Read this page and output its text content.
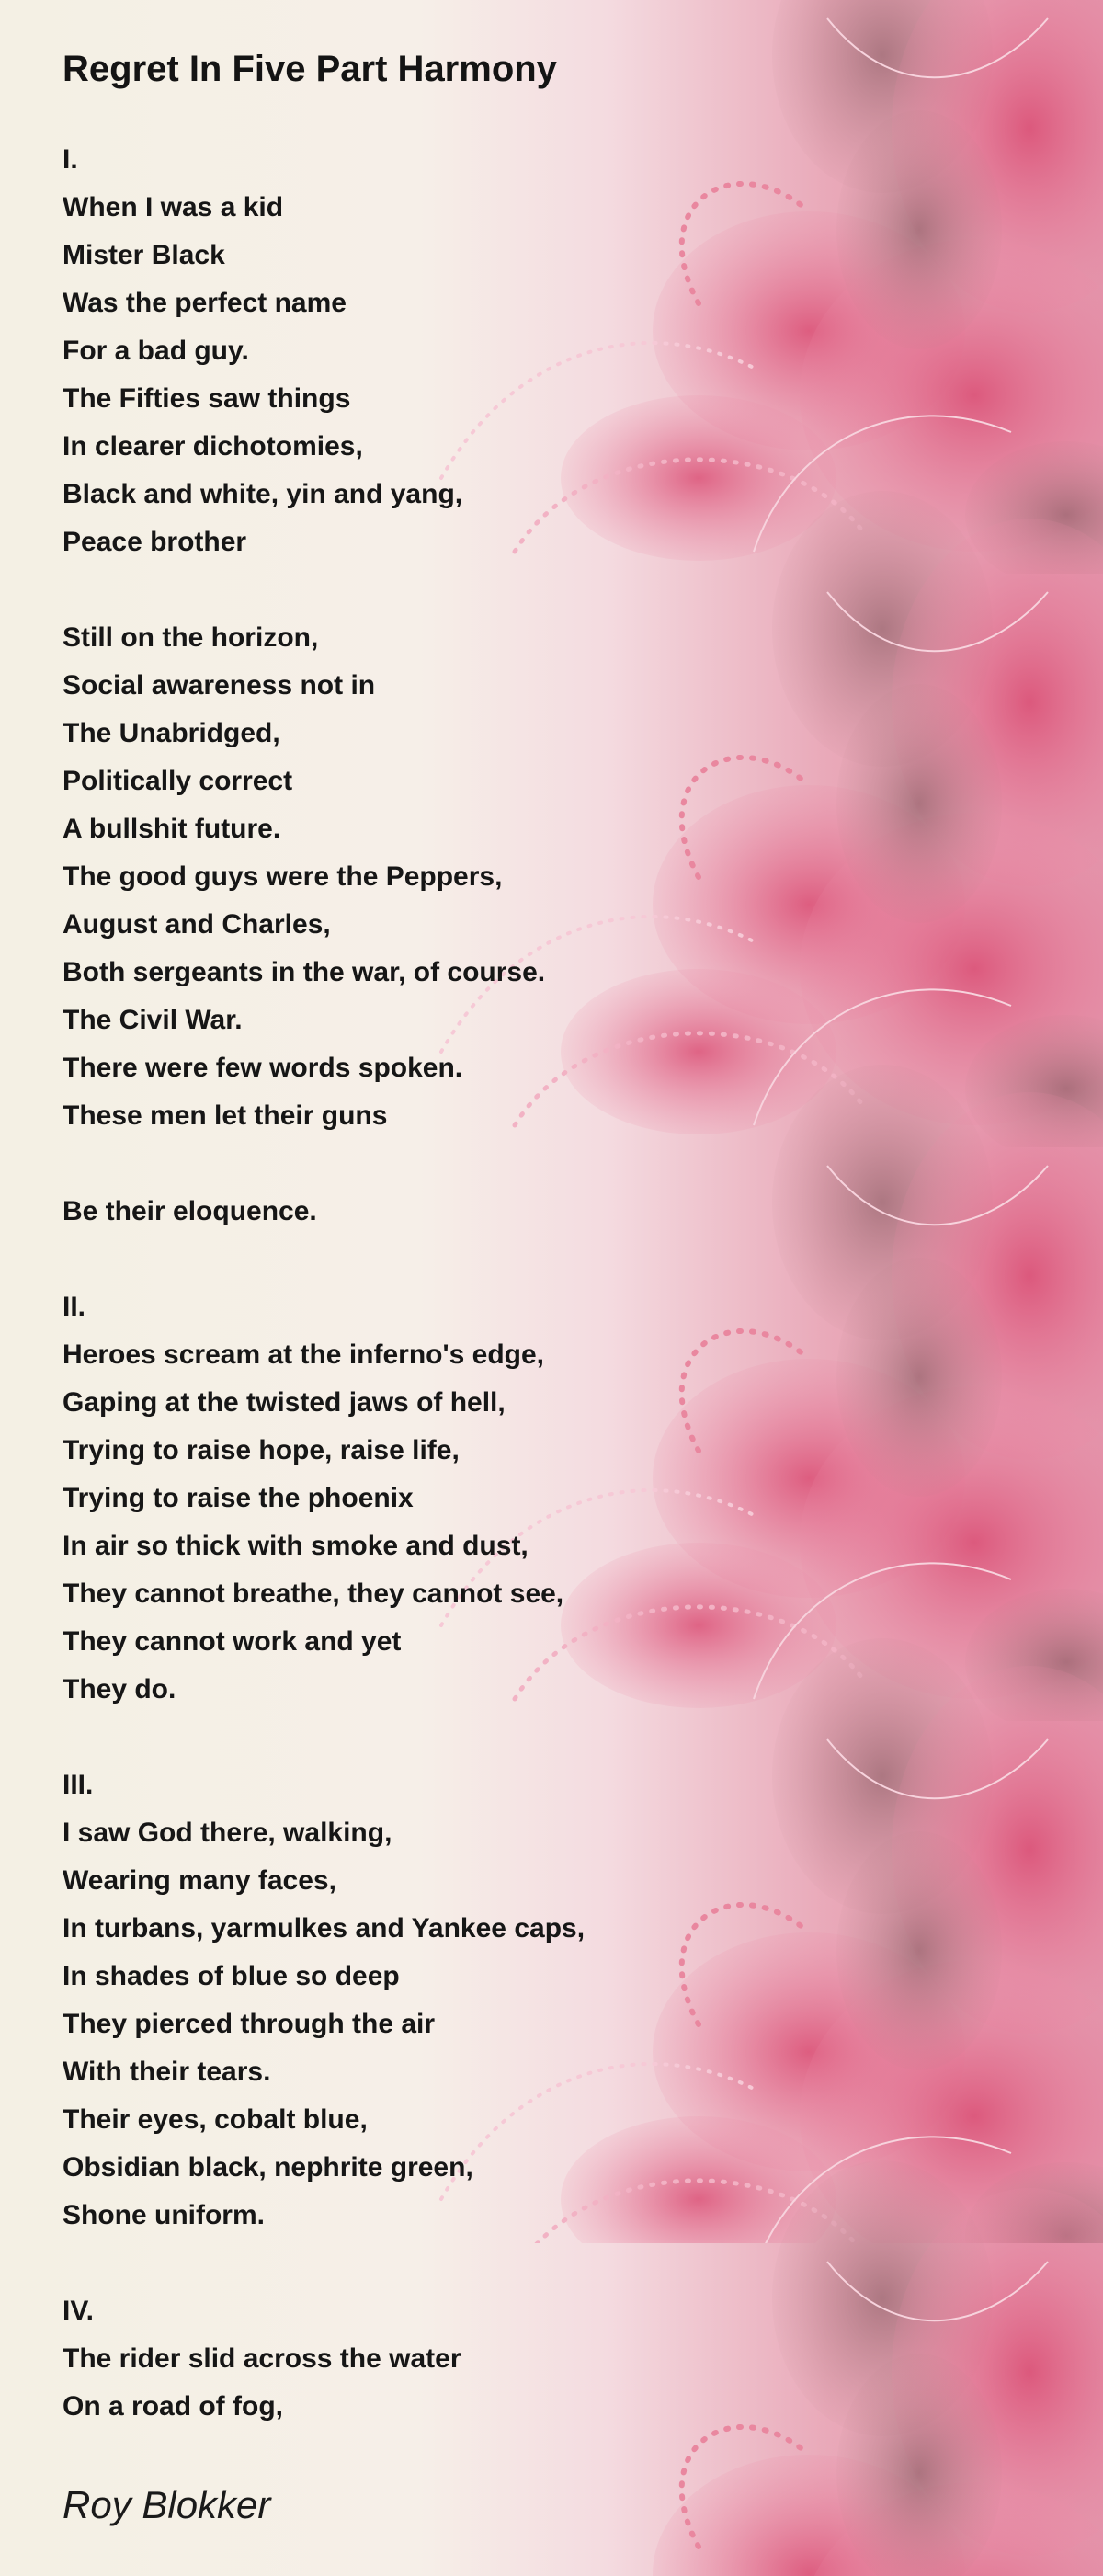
Regret In Five Part Harmony
I.
When I was a kid
Mister Black
Was the perfect name
For a bad guy.
The Fifties saw things
In clearer dichotomies,
Black and white, yin and yang,
Peace brother
Still on the horizon,
Social awareness not in
The Unabridged,
Politically correct
A bullshit future.
The good guys were the Peppers,
August and Charles,
Both sergeants in the war, of course.
The Civil War.
There were few words spoken.
These men let their guns
Be their eloquence.
II.
Heroes scream at the inferno's edge,
Gaping at the twisted jaws of hell,
Trying to raise hope, raise life,
Trying to raise the phoenix
In air so thick with smoke and dust,
They cannot breathe, they cannot see,
They cannot work and yet
They do.
III.
I saw God there, walking,
Wearing many faces,
In turbans, yarmulkes and Yankee caps,
In shades of blue so deep
They pierced through the air
With their tears.
Their eyes, cobalt blue,
Obsidian black, nephrite green,
Shone uniform.
IV.
The rider slid across the water
On a road of fog,
Roy Blokker
